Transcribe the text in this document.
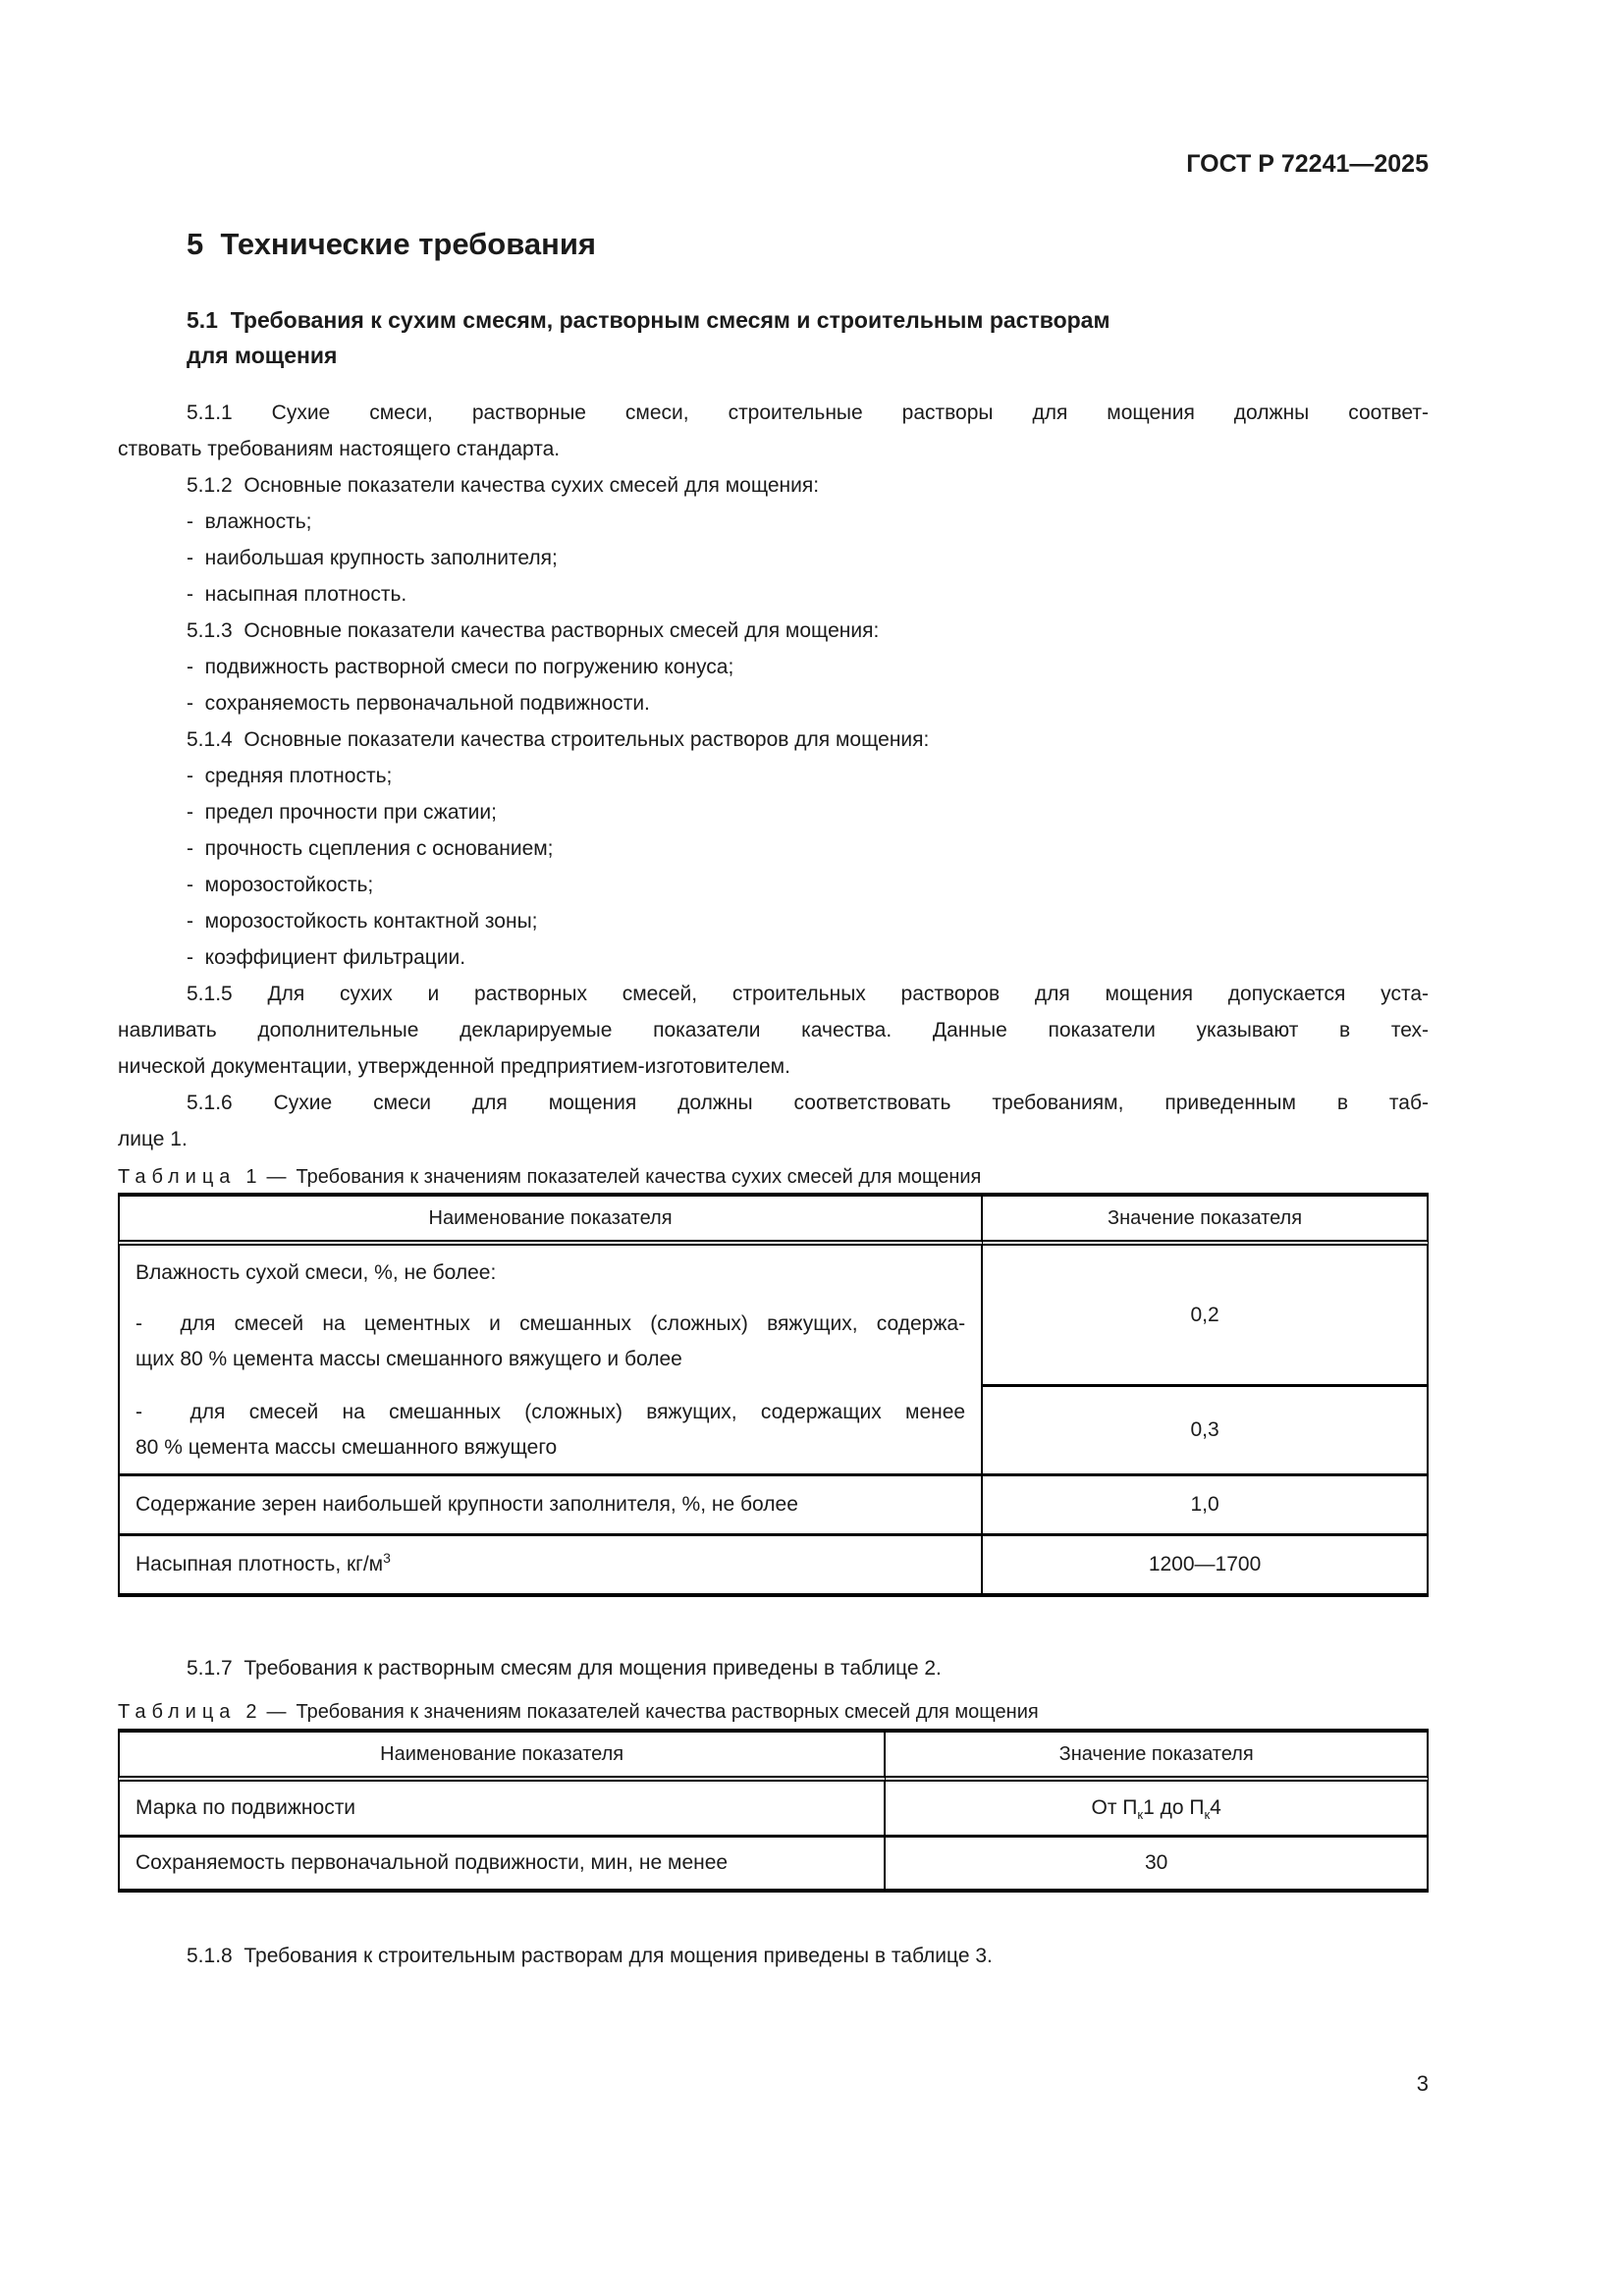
ГОСТ Р 72241—2025
5  Технические требования
5.1  Требования к сухим смесям, растворным смесям и строительным растворам
для мощения
5.1.1 Сухие смеси, растворные смеси, строительные растворы для мощения должны соответ-
ствовать требованиям настоящего стандарта.
5.1.2  Основные показатели качества сухих смесей для мощения:
-  влажность;
-  наибольшая крупность заполнителя;
-  насыпная плотность.
5.1.3  Основные показатели качества растворных смесей для мощения:
-  подвижность растворной смеси по погружению конуса;
-  сохраняемость первоначальной подвижности.
5.1.4  Основные показатели качества строительных растворов для мощения:
-  средняя плотность;
-  предел прочности при сжатии;
-  прочность сцепления с основанием;
-  морозостойкость;
-  морозостойкость контактной зоны;
-  коэффициент фильтрации.
5.1.5 Для сухих и растворных смесей, строительных растворов для мощения допускается уста-
навливать дополнительные декларируемые показатели качества. Данные показатели указывают в тех-
нической документации, утвержденной предприятием-изготовителем.
5.1.6 Сухие смеси для мощения должны соответствовать требованиям, приведенным в таб-
лице 1.
Таблица 1 — Требования к значениям показателей качества сухих смесей для мощения
Наименование показателя	Значение показателя

Влажность сухой смеси, %, не более:
-  для смесей на цементных и смешанных (сложных) вяжущих, содержа-
щих 80 % цемента массы смешанного вяжущего и более	0,2

-  для смесей на смешанных (сложных) вяжущих, содержащих менее
80 % цемента массы смешанного вяжущего	0,3
Содержание зерен наибольшей крупности заполнителя, %, не более	1,0
Насыпная плотность, $кг/м^3$	1200—1700
5.1.7  Требования к растворным смесям для мощения приведены в таблице 2.
Таблица 2 — Требования к значениям показателей качества растворных смесей для мощения
Наименование показателя	Значение показателя
Марка по подвижности	От $П_к1$ до $П_к4$
Сохраняемость первоначальной подвижности, мин, не менее	30
5.1.8  Требования к строительным растворам для мощения приведены в таблице 3.
3
